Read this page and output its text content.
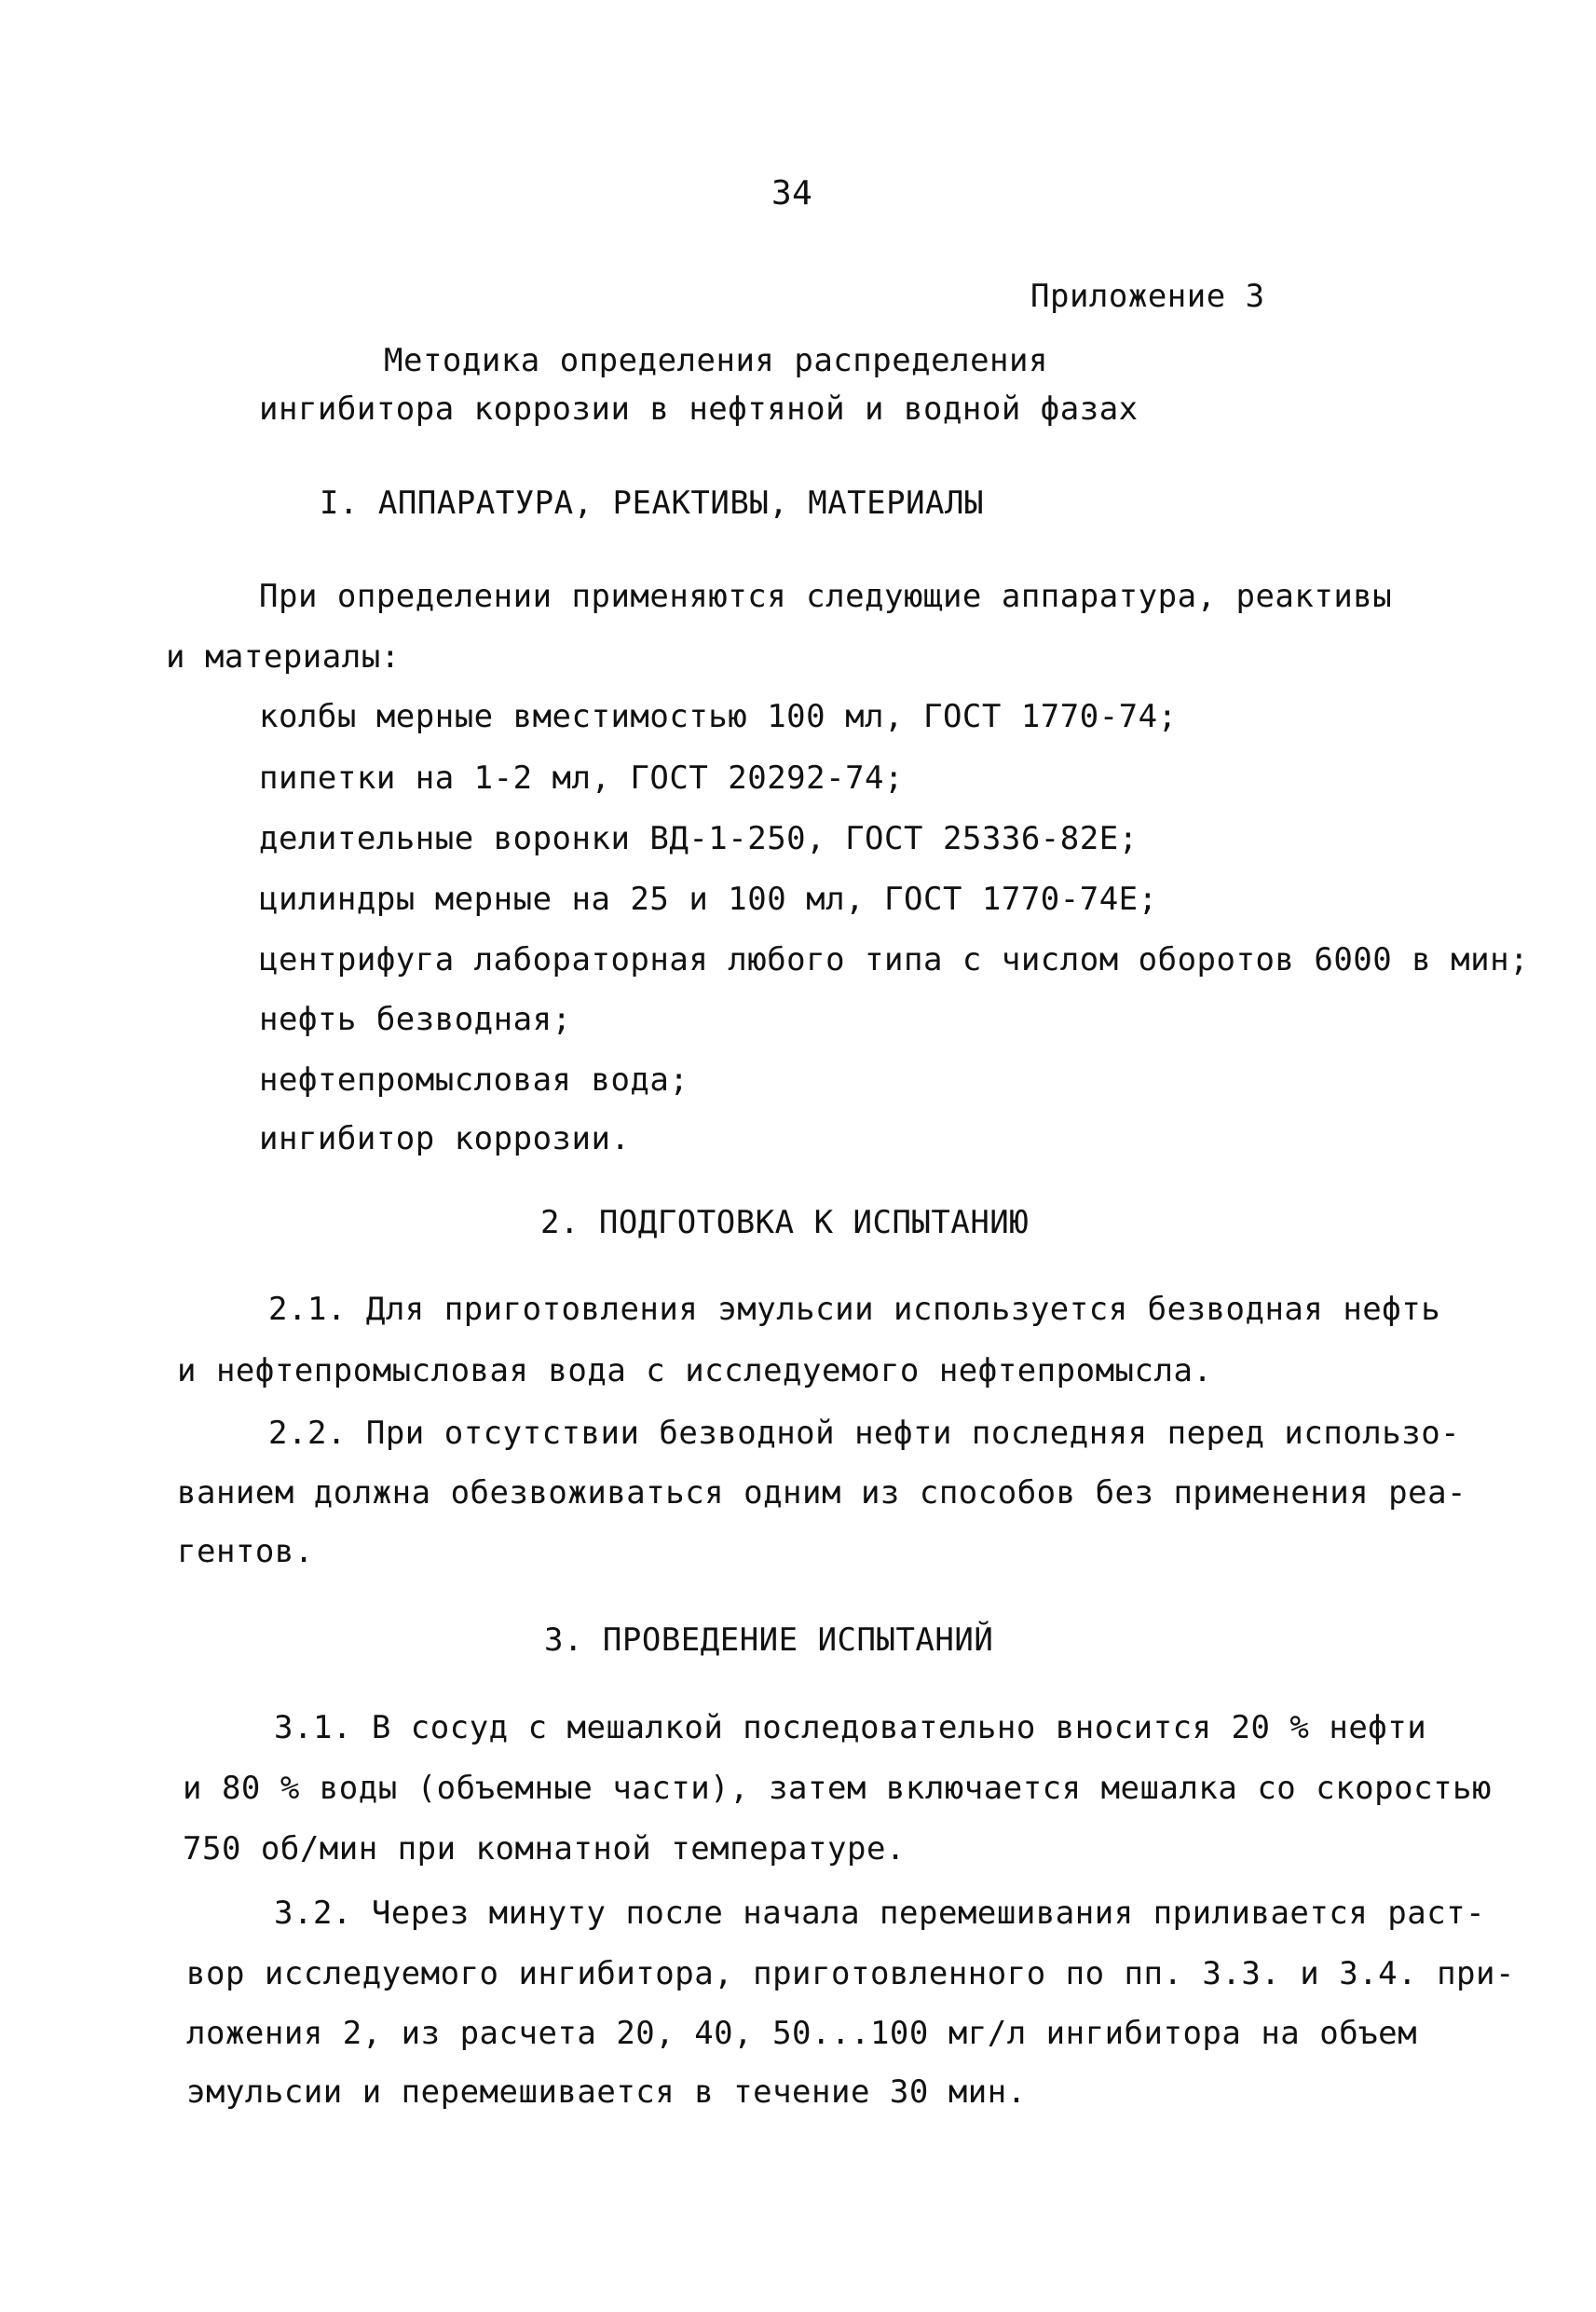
34
Приложение 3
Методика определения распределения
ингибитора коррозии в нефтяной и водной фазах
I. АППАРАТУРА, РЕАКТИВЫ, МАТЕРИАЛЫ
При определении применяются следующие аппаратура, реактивы
и материалы:
колбы мерные вместимостью 100 мл, ГОСТ 1770-74;
пипетки на 1-2 мл, ГОСТ 20292-74;
делительные воронки ВД-1-250, ГОСТ 25336-82Е;
цилиндры мерные на 25 и 100 мл, ГОСТ 1770-74Е;
центрифуга лабораторная любого типа с числом оборотов 6000 в мин;
нефть безводная;
нефтепромысловая вода;
ингибитор коррозии.
2. ПОДГОТОВКА К ИСПЫТАНИЮ
2.1. Для приготовления эмульсии используется безводная нефть
и нефтепромысловая вода с исследуемого нефтепромысла.
2.2. При отсутствии безводной нефти последняя перед использо-
ванием должна обезвоживаться одним из способов без применения реа-
гентов.
3. ПРОВЕДЕНИЕ ИСПЫТАНИЙ
3.1. В сосуд с мешалкой последовательно вносится 20 % нефти
и 80 % воды (объемные части), затем включается мешалка со скоростью
750 об/мин при комнатной температуре.
3.2. Через минуту после начала перемешивания приливается раст-
вор исследуемого ингибитора, приготовленного по пп. 3.3. и 3.4. при-
ложения 2, из расчета 20, 40, 50...100 мг/л ингибитора на объем
эмульсии и перемешивается в течение 30 мин.
